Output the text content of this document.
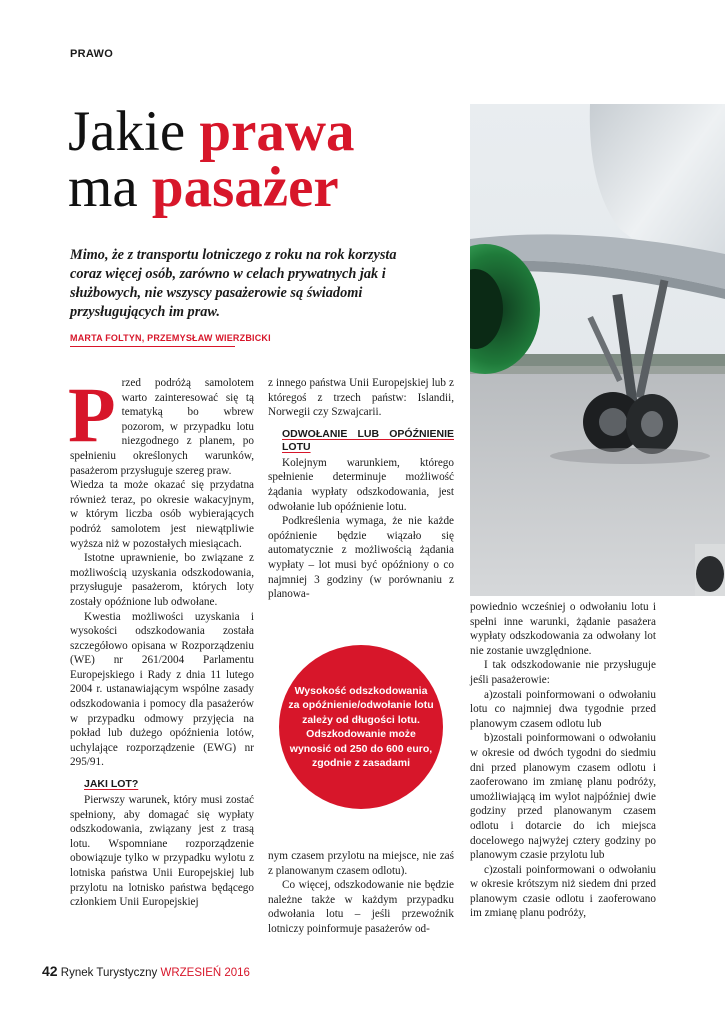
PRAWO
Jakie prawa
ma pasażer
Mimo, że z transportu lotniczego z roku na rok korzysta coraz więcej osób, zarówno w celach prywatnych jak i służbowych, nie wszyscy pasażerowie są świadomi przysługujących im praw.
MARTA FOLTYN, PRZEMYSŁAW WIERZBICKI
P rzed podróżą samolotem warto zainteresować się tą tematyką bo wbrew pozorom, w przypadku lotu niezgodnego z planem, po spełnieniu określonych warunków, pasażerom przysługuje szereg praw.

Wiedza ta może okazać się przydatna również teraz, po okresie wakacyjnym, w którym liczba osób wybierających podróż samolotem jest niewątpliwie wyższa niż w pozostałych miesiącach.

Istotne uprawnienie, bo związane z możliwością uzyskania odszkodowania, przysługuje pasażerom, których loty zostały opóźnione lub odwołane.

Kwestia możliwości uzyskania i wysokości odszkodowania została szczegółowo opisana w Rozporządzeniu (WE) nr 261/2004 Parlamentu Europejskiego i Rady z dnia 11 lutego 2004 r. ustanawiającym wspólne zasady odszkodowania i pomocy dla pasażerów w przypadku odmowy przyjęcia na pokład lub dużego opóźnienia lotów, uchylające rozporządzenie (EWG) nr 295/91.

JAKI LOT?

Pierwszy warunek, który musi zostać spełniony, aby domagać się wypłaty odszkodowania, związany jest z trasą lotu. Wspomniane rozporządzenie obowiązuje tylko w przypadku wylotu z lotniska państwa Unii Europejskiej lub przylotu na lotnisko państwa będącego członkiem Unii Europejskiej

z innego państwa Unii Europejskiej lub z któregoś z trzech państw: Islandii, Norwegii czy Szwajcarii.

ODWOŁANIE LUB OPÓŹNIENIE LOTU

Kolejnym warunkiem, którego spełnienie determinuje możliwość żądania wypłaty odszkodowania, jest odwołanie lub opóźnienie lotu.

Podkreślenia wymaga, że nie każde opóźnienie będzie wiązało się automatycznie z możliwością żądania wypłaty – lot musi być opóźniony o co najmniej 3 godziny (w porównaniu z planowa-

Wysokość odszkodowania za opóźnienie/odwołanie lotu zależy od długości lotu. Odszkodowanie może wynosić od 250 do 600 euro, zgodnie z zasadami

nym czasem przylotu na miejsce, nie zaś z planowanym czasem odlotu).

Co więcej, odszkodowanie nie będzie należne także w każdym przypadku odwołania lotu – jeśli przewoźnik lotniczy poinformuje pasażerów od-

powiednio wcześniej o odwołaniu lotu i spełni inne warunki, żądanie pasażera wypłaty odszkodowania za odwołany lot nie zostanie uwzględnione.

I tak odszkodowanie nie przysługuje jeśli pasażerowie:

a)zostali poinformowani o odwołaniu lotu co najmniej dwa tygodnie przed planowym czasem odlotu lub

b)zostali poinformowani o odwołaniu w okresie od dwóch tygodni do siedmiu dni przed planowym czasem odlotu i zaoferowano im zmianę planu podróży, umożliwiającą im wylot najpóźniej dwie godziny przed planowanym czasem odlotu i dotarcie do ich miejsca docelowego najwyżej cztery godziny po planowym czasie przylotu lub

c)zostali poinformowani o odwołaniu w okresie krótszym niż siedem dni przed planowym czasie odlotu i zaoferowano im zmianę planu podróży,

42 Rynek Turystyczny WRZESIEŃ 2016
